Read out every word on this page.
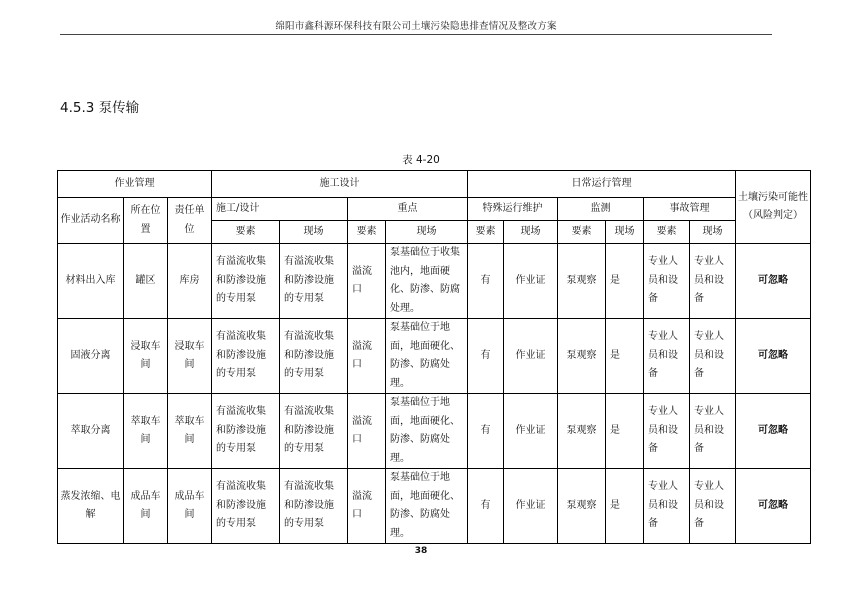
绵阳市鑫科源环保科技有限公司土壤污染隐患排查情况及整改方案
4.5.3 泵传输
表 4-20
作业管理			施工设计				日常运行管理						土壤污染可能性（风险判定）
作业活动名称	所在位置	责任单位	施工/设计		重点		特殊运行维护		监测		事故管理		
			要素	现场	要素	现场	要素	现场	要素	现场	要素	现场	
材料出入库	罐区	库房	有溢流收集和防渗设施的专用泵	有溢流收集和防渗设施的专用泵	溢流口	泵基础位于收集池内，地面硬化、防渗、防腐处理。	有	作业证	泵观察	是	专业人员和设备	专业人员和设备	可忽略
固液分离	浸取车间	浸取车间	有溢流收集和防渗设施的专用泵	有溢流收集和防渗设施的专用泵	溢流口	泵基础位于地面，地面硬化、防渗、防腐处理。	有	作业证	泵观察	是	专业人员和设备	专业人员和设备	可忽略
萃取分离	萃取车间	萃取车间	有溢流收集和防渗设施的专用泵	有溢流收集和防渗设施的专用泵	溢流口	泵基础位于地面，地面硬化、防渗、防腐处理。	有	作业证	泵观察	是	专业人员和设备	专业人员和设备	可忽略
蒸发浓缩、电解	成品车间	成品车间	有溢流收集和防渗设施的专用泵	有溢流收集和防渗设施的专用泵	溢流口	泵基础位于地面，地面硬化、防渗、防腐处理。	有	作业证	泵观察	是	专业人员和设备	专业人员和设备	可忽略
38
